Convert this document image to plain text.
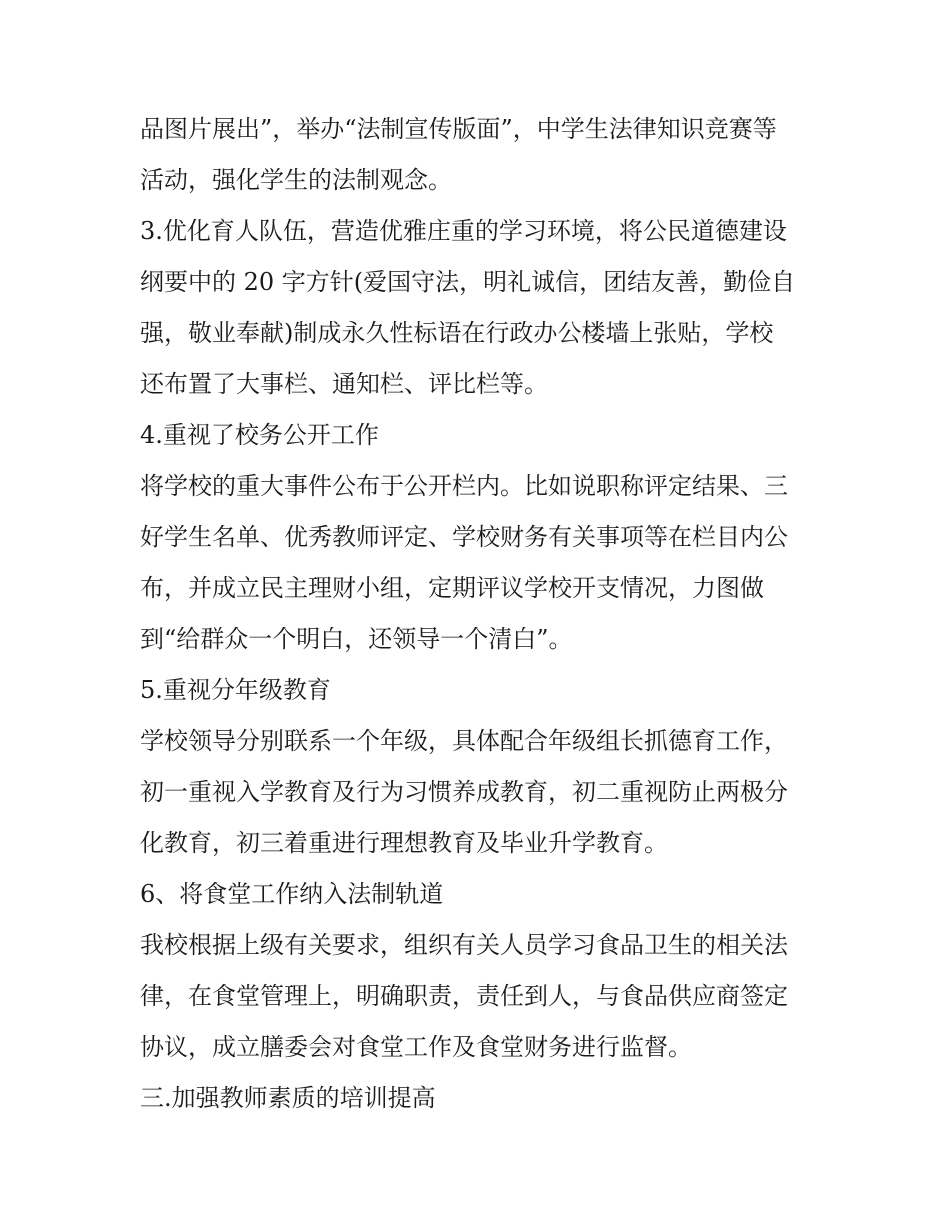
品图片展出”，举办“法制宣传版面”，中学生法律知识竞赛等
活动，强化学生的法制观念。
3.优化育人队伍，营造优雅庄重的学习环境，将公民道德建设
纲要中的 20 字方针(爱国守法，明礼诚信，团结友善，勤俭自
强，敬业奉献)制成永久性标语在行政办公楼墙上张贴，学校
还布置了大事栏、通知栏、评比栏等。
4.重视了校务公开工作
将学校的重大事件公布于公开栏内。比如说职称评定结果、三
好学生名单、优秀教师评定、学校财务有关事项等在栏目内公
布，并成立民主理财小组，定期评议学校开支情况，力图做
到“给群众一个明白，还领导一个清白”。
5.重视分年级教育
学校领导分别联系一个年级，具体配合年级组长抓德育工作，
初一重视入学教育及行为习惯养成教育，初二重视防止两极分
化教育，初三着重进行理想教育及毕业升学教育。
6、将食堂工作纳入法制轨道
我校根据上级有关要求，组织有关人员学习食品卫生的相关法
律，在食堂管理上，明确职责，责任到人，与食品供应商签定
协议，成立膳委会对食堂工作及食堂财务进行监督。
三.加强教师素质的培训提高
